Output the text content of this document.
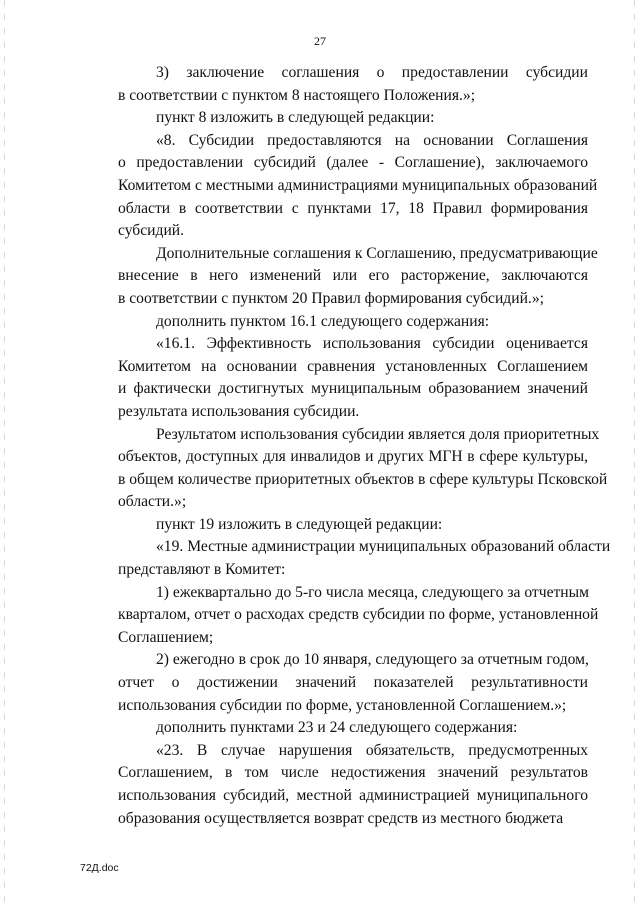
27
3) заключение соглашения о предоставлении субсидии
в соответствии с пунктом 8 настоящего Положения.»;
пункт 8 изложить в следующей редакции:
«8. Субсидии предоставляются на основании Соглашения
о предоставлении субсидий (далее - Соглашение), заключаемого
Комитетом с местными администрациями муниципальных образований
области в соответствии с пунктами 17, 18 Правил формирования
субсидий.
Дополнительные соглашения к Соглашению, предусматривающие
внесение в него изменений или его расторжение, заключаются
в соответствии с пунктом 20 Правил формирования субсидий.»;
дополнить пунктом 16.1 следующего содержания:
«16.1. Эффективность использования субсидии оценивается
Комитетом на основании сравнения установленных Соглашением
и фактически достигнутых муниципальным образованием значений
результата использования субсидии.
Результатом использования субсидии является доля приоритетных
объектов, доступных для инвалидов и других МГН в сфере культуры,
в общем количестве приоритетных объектов в сфере культуры Псковской
области.»;
пункт 19 изложить в следующей редакции:
«19. Местные администрации муниципальных образований области
представляют в Комитет:
1) ежеквартально до 5-го числа месяца, следующего за отчетным
кварталом, отчет о расходах средств субсидии по форме, установленной
Соглашением;
2) ежегодно в срок до 10 января, следующего за отчетным годом,
отчет о достижении значений показателей результативности
использования субсидии по форме, установленной Соглашением.»;
дополнить пунктами 23 и 24 следующего содержания:
«23. В случае нарушения обязательств, предусмотренных
Соглашением, в том числе недостижения значений результатов
использования субсидий, местной администрацией муниципального
образования осуществляется возврат средств из местного бюджета
72Д.doc
